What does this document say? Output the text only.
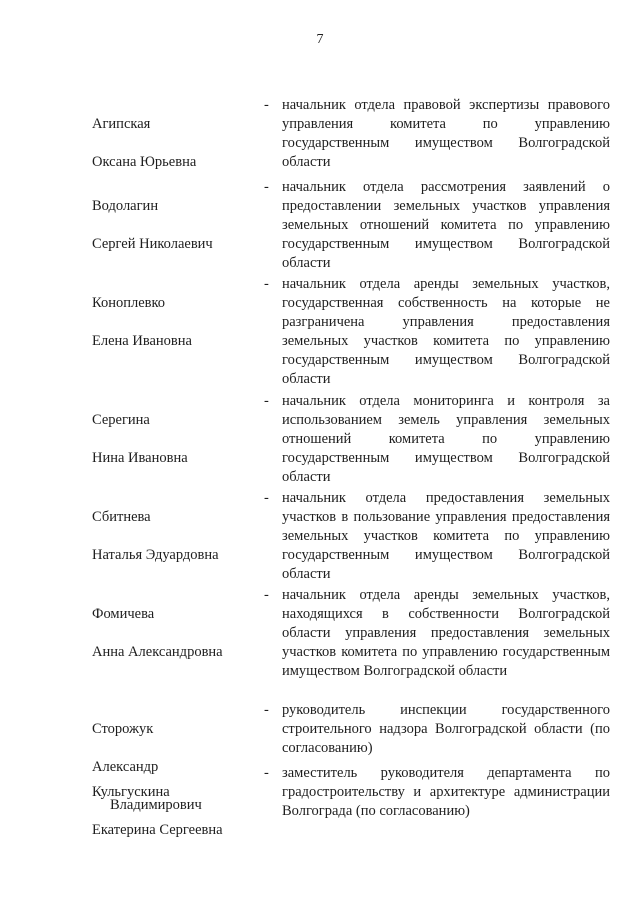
7

Агипская

Оксана Юрьевна

- начальник отдела правовой экспертизы правового управления комитета по управлению государственным имуществом Волгоградской области

Водолагин

Сергей Николаевич

- начальник отдела рассмотрения заявлений о предоставлении земельных участков управления земельных отношений комитета по управлению государственным имуществом Волгоградской области

Коноплевко

Елена Ивановна

- начальник отдела аренды земельных участков, государственная собственность на которые не разграничена управления предоставления земельных участков комитета по управлению государственным имуществом Волгоградской области

Серегина

Нина Ивановна

- начальник отдела мониторинга и контроля за использованием земель управления земельных отношений комитета по управлению государственным имуществом Волгоградской области

Сбитнева

Наталья Эдуардовна

- начальник отдела предоставления земельных участков в пользование управления предоставления земельных участков комитета по управлению государственным имуществом Волгоградской области

Фомичева

Анна Александровна

- начальник отдела аренды земельных участков, находящихся в собственности Волгоградской области управления предоставления земельных участков комитета по управлению государственным имуществом Волгоградской области

Сторожук

Александр

Владимирович

- руководитель инспекции государственного строительного надзора Волгоградской области (по согласованию)

Кульгускина

Екатерина Сергеевна

- заместитель руководителя департамента по градостроительству и архитектуре администрации Волгограда (по согласованию)
